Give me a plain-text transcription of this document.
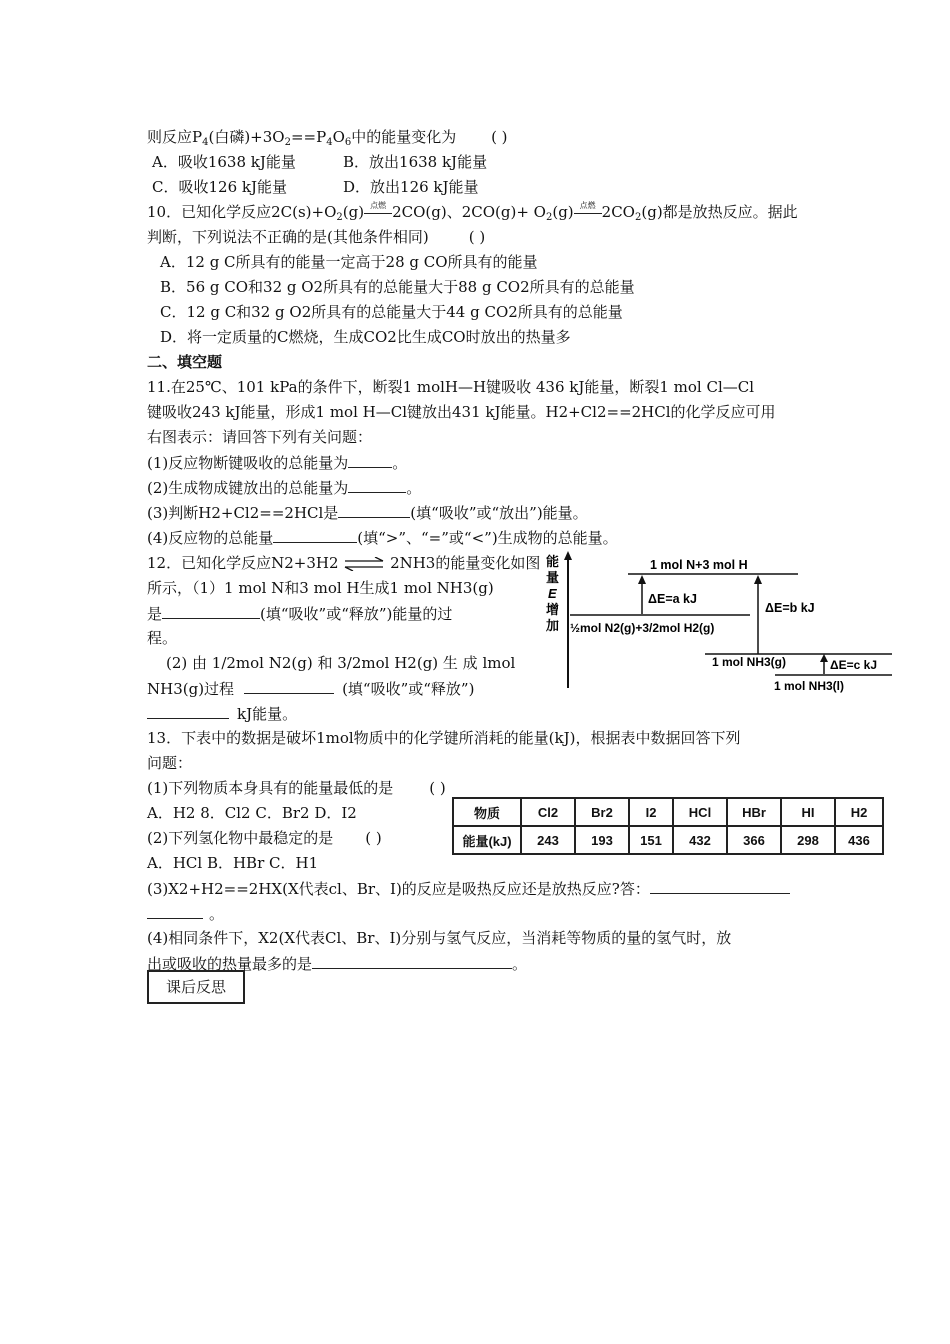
则反应$P_4$(白磷)$+3O_2==P_4O_6$中的能量变化为 ( )
A．吸收1638 kJ能量	B．放出1638 kJ能量
C．吸收126 kJ能量	D．放出126 kJ能量
10．已知化学反应$2C(s)+O_2(g)$ 点燃 2CO(g)、$2CO(g)+ O_2(g)$ 点燃 $2CO_2(g)$都是放热反应。据此
判断，下列说法不正确的是(其他条件相同)	( )
A．12 g C所具有的能量一定高于28 g CO所具有的能量
B．56 g CO和32 g O2所具有的总能量大于88 g CO2所具有的总能量
C．12 g C和32 g O2所具有的总能量大于44 g CO2所具有的总能量
D．将一定质量的C燃烧，生成CO2比生成CO时放出的热量多
二、填空题
11.在25℃、101 kPa的条件下，断裂1 molH—H键吸收 436 kJ能量，断裂1 mol Cl—Cl
键吸收243 kJ能量，形成1 mol H—Cl键放出431 kJ能量。H2+Cl2==2HCl的化学反应可用
右图表示：请回答下列有关问题：
(1)反应物断键吸收的总能量为	。
(2)生成物成键放出的总能量为	。
(3)判断H2+Cl2==2HCl是	(填“吸收”或“放出”)能量。
(4)反应物的总能量	(填“>”、“=”或“<”)生成物的总能量。
12．已知化学反应N2+3H2 ⇌ 2NH3的能量变化如图
所示，（1）1 mol N和3 mol H生成1 mol NH3(g)
是	(填“吸收”或“释放”)能量的过
程。
(2) 由 1/2mol N2(g) 和 3/2mol H2(g) 生 成 lmol
NH3(g)过程	(填“吸收”或“释放”)
kJ能量。
能
量
E
增
加
1 mol N+3 mol H
½mol N2(g)+3/2mol H2(g)
ΔE=a kJ
ΔE=b kJ
1 mol NH3(g)	ΔE=c kJ
1 mol NH3(l)
13．下表中的数据是破坏1mol物质中的化学键所消耗的能量(kJ)，根据表中数据回答下列
问题：
(1)下列物质本身具有的能量最低的是 ( )
A．H2 8．Cl2 C．Br2 D．I2
(2)下列氢化物中最稳定的是 ( )
A．HCl B．HBr C．H1
物质	Cl2	Br2	I2	HCl	HBr	HI	H2
能量(kJ)	243	193	151	432	366	298	436
(3)X2+H2==2HX(X代表cl、Br、I)的反应是吸热反应还是放热反应?答：
。
(4)相同条件下，X2(X代表Cl、Br、I)分别与氢气反应，当消耗等物质的量的氢气时，放
出或吸收的热量最多的是	。
课后反思
